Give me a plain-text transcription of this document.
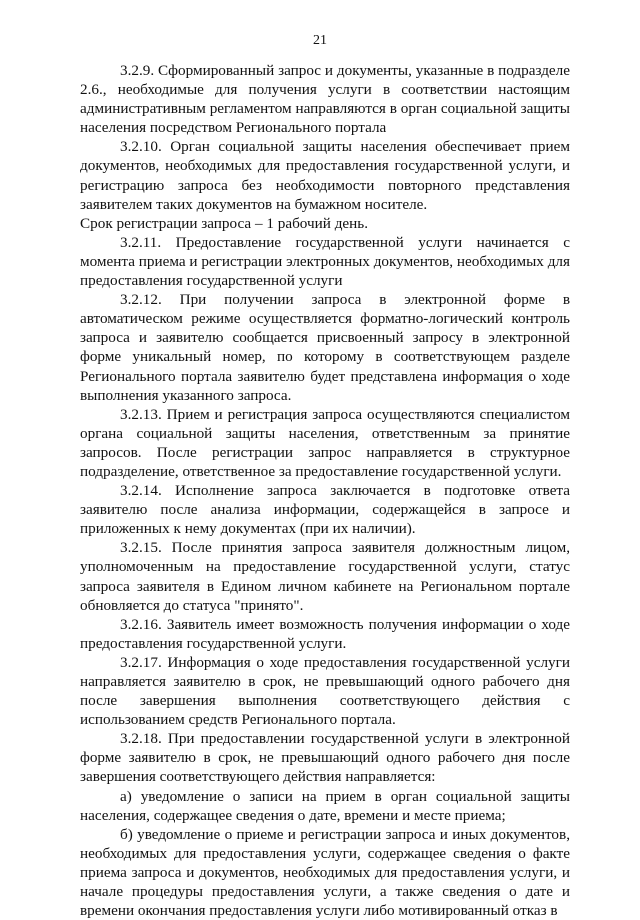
21

3.2.9. Сформированный запрос и документы, указанные в подразделе 2.6., необходимые для получения услуги в соответствии настоящим административным регламентом направляются в орган социальной защиты населения посредством Регионального портала

3.2.10. Орган социальной защиты населения обеспечивает прием документов, необходимых для предоставления государственной услуги, и регистрацию запроса без необходимости повторного представления заявителем таких документов на бумажном носителе.

Срок регистрации запроса – 1 рабочий день.

3.2.11. Предоставление государственной услуги начинается с момента приема и регистрации электронных документов, необходимых для предоставления государственной услуги

3.2.12. При получении запроса в электронной форме в автоматическом режиме осуществляется форматно-логический контроль запроса и заявителю сообщается присвоенный запросу в электронной форме уникальный номер, по которому в соответствующем разделе Регионального портала заявителю будет представлена информация о ходе выполнения указанного запроса.

3.2.13. Прием и регистрация запроса осуществляются специалистом органа социальной защиты населения, ответственным за принятие запросов. После регистрации запрос направляется в структурное подразделение, ответственное за предоставление государственной услуги.

3.2.14. Исполнение запроса заключается в подготовке ответа заявителю после анализа информации, содержащейся в запросе и приложенных к нему документах (при их наличии).

3.2.15. После принятия запроса заявителя должностным лицом, уполномоченным на предоставление государственной услуги, статус запроса заявителя в Едином личном кабинете на Региональном портале обновляется до статуса "принято".

3.2.16. Заявитель имеет возможность получения информации о ходе предоставления государственной услуги.

3.2.17. Информация о ходе предоставления государственной услуги направляется заявителю в срок, не превышающий одного рабочего дня после завершения выполнения соответствующего действия с использованием средств Регионального портала.

3.2.18. При предоставлении государственной услуги в электронной форме заявителю в срок, не превышающий одного рабочего дня после завершения соответствующего действия направляется:

а) уведомление о записи на прием в орган социальной защиты населения, содержащее сведения о дате, времени и месте приема;

б) уведомление о приеме и регистрации запроса и иных документов, необходимых для предоставления услуги, содержащее сведения о факте приема запроса и документов, необходимых для предоставления услуги, и начале процедуры предоставления услуги, а также сведения о дате и времени окончания предоставления услуги либо мотивированный отказ в
